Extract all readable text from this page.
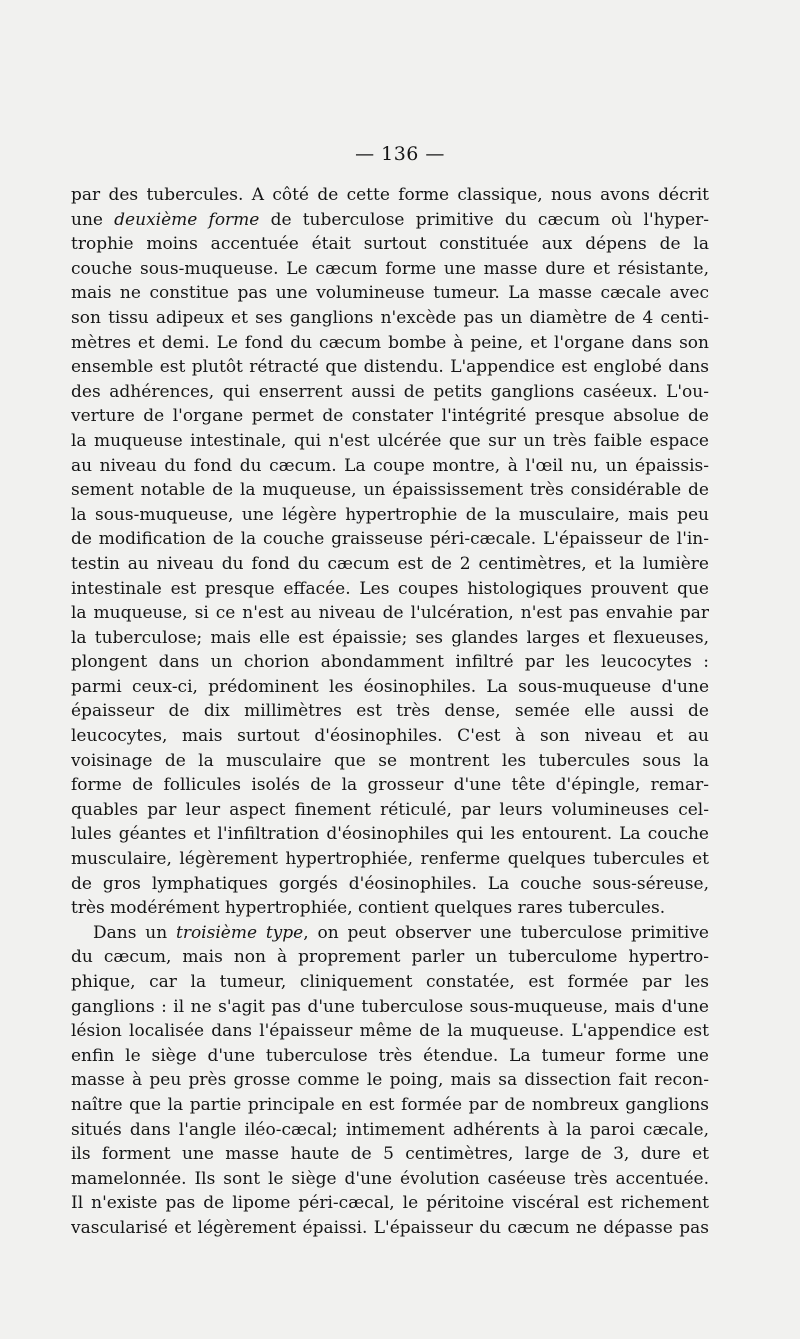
— 136 —
par des tubercules. A côté de cette forme classique, nous avons décrit
une deuxième forme de tuberculose primitive du cæcum où l'hyper-
trophie moins accentuée était surtout constituée aux dépens de la
couche sous-muqueuse. Le cæcum forme une masse dure et résistante,
mais ne constitue pas une volumineuse tumeur. La masse cæcale avec
son tissu adipeux et ses ganglions n'excède pas un diamètre de 4 centi-
mètres et demi. Le fond du cæcum bombe à peine, et l'organe dans son
ensemble est plutôt rétracté que distendu. L'appendice est englobé dans
des adhérences, qui enserrent aussi de petits ganglions caséeux. L'ou-
verture de l'organe permet de constater l'intégrité presque absolue de
la muqueuse intestinale, qui n'est ulcérée que sur un très faible espace
au niveau du fond du cæcum. La coupe montre, à l'œil nu, un épaissis-
sement notable de la muqueuse, un épaississement très considérable de
la sous-muqueuse, une légère hypertrophie de la musculaire, mais peu
de modification de la couche graisseuse péri-cæcale. L'épaisseur de l'in-
testin au niveau du fond du cæcum est de 2 centimètres, et la lumière
intestinale est presque effacée. Les coupes histologiques prouvent que
la muqueuse, si ce n'est au niveau de l'ulcération, n'est pas envahie par
la tuberculose; mais elle est épaissie; ses glandes larges et flexueuses,
plongent dans un chorion abondamment infiltré par les leucocytes :
parmi ceux-ci, prédominent les éosinophiles. La sous-muqueuse d'une
épaisseur de dix millimètres est très dense, semée elle aussi de
leucocytes, mais surtout d'éosinophiles. C'est à son niveau et au
voisinage de la musculaire que se montrent les tubercules sous la
forme de follicules isolés de la grosseur d'une tête d'épingle, remar-
quables par leur aspect finement réticulé, par leurs volumineuses cel-
lules géantes et l'infiltration d'éosinophiles qui les entourent. La couche
musculaire, légèrement hypertrophiée, renferme quelques tubercules et
de gros lymphatiques gorgés d'éosinophiles. La couche sous-séreuse,
très modérément hypertrophiée, contient quelques rares tubercules.
Dans un troisième type, on peut observer une tuberculose primitive
du cæcum, mais non à proprement parler un tuberculome hypertro-
phique, car la tumeur, cliniquement constatée, est formée par les
ganglions : il ne s'agit pas d'une tuberculose sous-muqueuse, mais d'une
lésion localisée dans l'épaisseur même de la muqueuse. L'appendice est
enfin le siège d'une tuberculose très étendue. La tumeur forme une
masse à peu près grosse comme le poing, mais sa dissection fait recon-
naître que la partie principale en est formée par de nombreux ganglions
situés dans l'angle iléo-cæcal; intimement adhérents à la paroi cæcale,
ils forment une masse haute de 5 centimètres, large de 3, dure et
mamelonnée. Ils sont le siège d'une évolution caséeuse très accentuée.
Il n'existe pas de lipome péri-cæcal, le péritoine viscéral est richement
vascularisé et légèrement épaissi. L'épaisseur du cæcum ne dépasse pas
